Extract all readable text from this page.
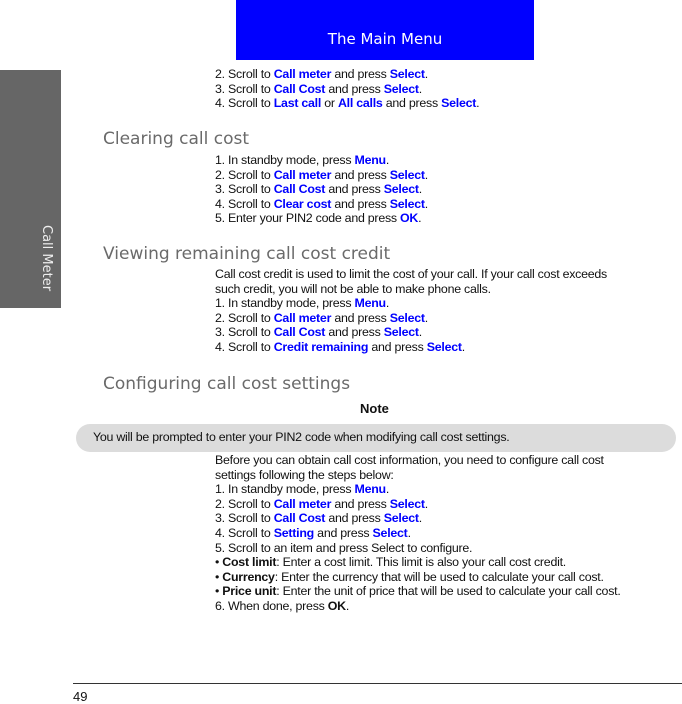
The Main Menu
Call Meter
2. Scroll to Call meter and press Select.
3. Scroll to Call Cost and press Select.
4. Scroll to Last call or All calls and press Select.
Clearing call cost
1. In standby mode, press Menu.
2. Scroll to Call meter and press Select.
3. Scroll to Call Cost and press Select.
4. Scroll to Clear cost and press Select.
5. Enter your PIN2 code and press OK.
Viewing remaining call cost credit
Call cost credit is used to limit the cost of your call. If your call cost exceeds
such credit, you will not be able to make phone calls.
1. In standby mode, press Menu.
2. Scroll to Call meter and press Select.
3. Scroll to Call Cost and press Select.
4. Scroll to Credit remaining and press Select.
Configuring call cost settings
Note
You will be prompted to enter your PIN2 code when modifying call cost settings.
Before you can obtain call cost information, you need to configure call cost
settings following the steps below:
1. In standby mode, press Menu.
2. Scroll to Call meter and press Select.
3. Scroll to Call Cost and press Select.
4. Scroll to Setting and press Select.
5. Scroll to an item and press Select to configure.
• Cost limit: Enter a cost limit. This limit is also your call cost credit.
• Currency: Enter the currency that will be used to calculate your call cost.
• Price unit: Enter the unit of price that will be used to calculate your call cost.
6. When done, press OK.
49
